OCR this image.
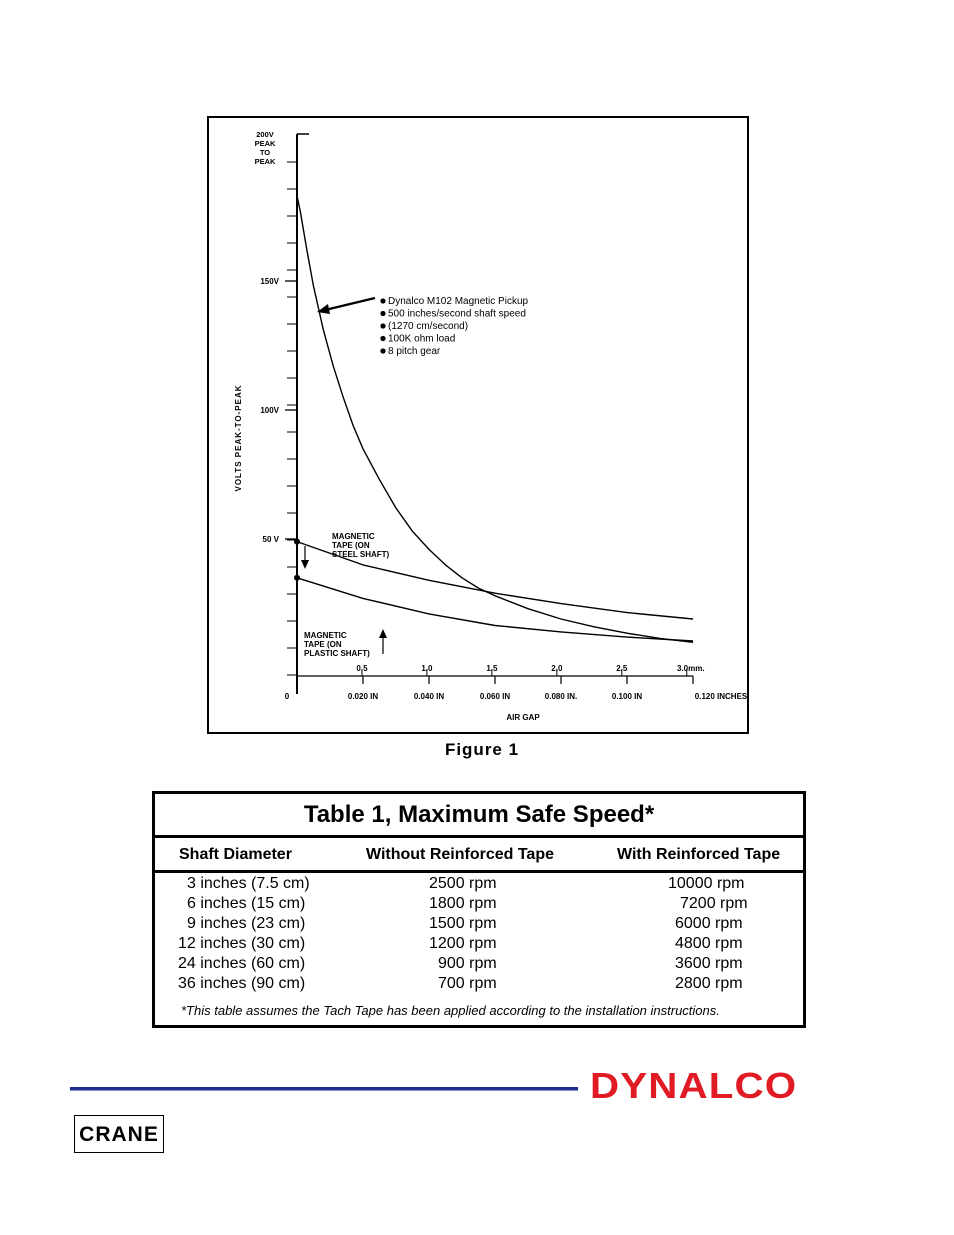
150V
100V
50 V
200V
PEAK
TO
PEAK
VOLTS PEAK-TO-PEAK
0.020 IN	0.040 IN	0.060 IN	0.080 IN.	0.100 IN	0.120 INCHES
0
AIR GAP
0.5	1.0	1.5	2.0	2.5	3.0mm.
Dynalco M102 Magnetic Pickup
500 inches/second shaft speed
(1270 cm/second)
100K ohm load
8 pitch gear
MAGNETIC
TAPE (ON
STEEL SHAFT)
MAGNETIC
TAPE (ON
PLASTIC SHAFT)
Figure 1
Table 1, Maximum Safe Speed*
Shaft Diameter	Without Reinforced Tape	With Reinforced Tape
3 inches (7.5 cm)	2500 rpm	10000 rpm
6 inches (15 cm)	1800 rpm	7200 rpm
9 inches (23 cm)	1500 rpm	6000 rpm
12 inches (30 cm)	1200 rpm	4800 rpm
24 inches (60 cm)	900 rpm	3600 rpm
36 inches (90 cm)	700 rpm	2800 rpm
*This table assumes the Tach Tape has been applied according to the installation instructions.
DYNALCO
CRANE
